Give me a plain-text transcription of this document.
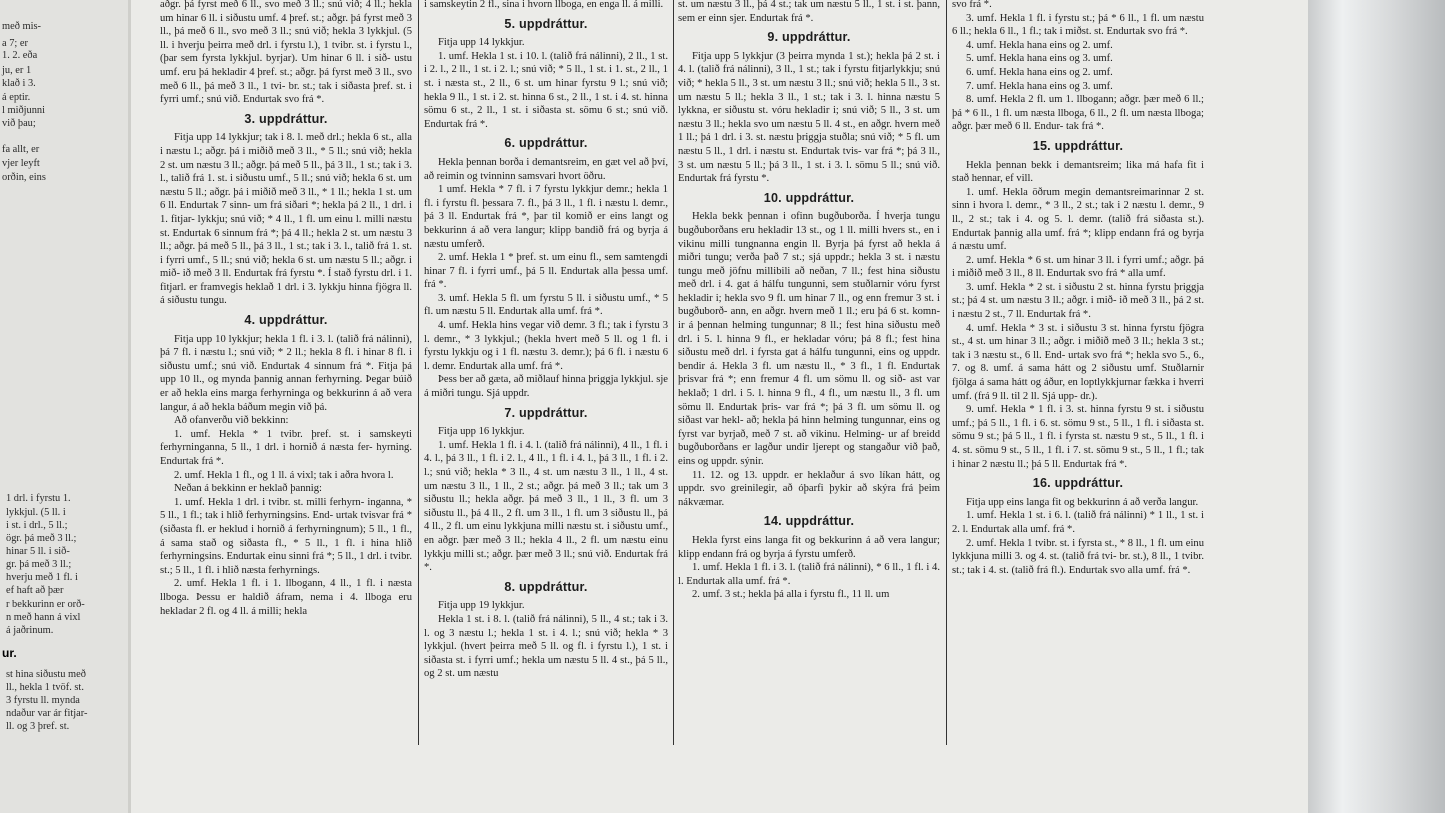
með mis-
a 7; er
1. 2. eða
ju, er 1
klað i 3.
á eptir.
l miðjunni
við þau;
fa allt, er
vjer leyft
orðin, eins
1 drl. i fyrstu 1.
lykkjul. (5 ll. i
i st. i drl., 5 ll.;
ögr. þá með 3 ll.;
hinar 5 ll. i sið-
gr. þá með 3 ll.;
hverju með 1 fl. i
ef haft að þær
r bekkurinn er orð-
n með hann á vixl
á jaðrinum.
ur.
st hina siðustu með
ll., hekla 1 tvöf. st.
3 fyrstu ll. mynda
ndaður var ár fitjar-
ll. og 3 þref. st.

aðgr. þá fyrst með 6 ll., svo með 3 ll.; snú við; 4 ll.; hekla um hinar 6 ll. i siðustu umf. 4 þref. st.; aðgr. þá fyrst með 3 ll., þá með 6 ll., svo með 3 ll.; snú við; hekla 3 lykkjul. (5 ll. i hverju þeirra með drl. i fyrstu l.), 1 tvibr. st. i fyrstu l., (þar sem fyrsta lykkjul. byrjar). Um hinar 6 ll. i sið- ustu umf. eru þá hekladir 4 þref. st.; aðgr. þá fyrst með 3 ll., svo með 6 ll., þá með 3 ll., 1 tvi- br. st.; tak i siðasta þref. st. i fyrri umf.; snú við. Endurtak svo frá *.

3. uppdráttur.

Fitja upp 14 lykkjur; tak i 8. l. með drl.; hekla 6 st., alla i næstu l.; aðgr. þá i miðið með 3 ll., * 5 ll.; snú við; hekla 2 st. um næstu 3 ll.; aðgr. þá með 5 ll., þá 3 ll., 1 st.; tak i 3. l., talið frá 1. st. i siðustu umf., 5 ll.; snú við; hekla 6 st. um næstu 5 ll.; aðgr. þá i miðið með 3 ll., * 1 ll.; hekla 1 st. um 6 ll. Endurtak 7 sinn- um frá siðari *; hekla þá 2 ll., 1 drl. i 1. fitjar- lykkju; snú við; * 4 ll., 1 fl. um einu l. milli næstu st. Endurtak 6 sinnum frá *; þá 4 ll.; hekla 2 st. um næstu 3 ll.; aðgr. þá með 5 ll., þá 3 ll., 1 st.; tak i 3. l., talið frá 1. st. i fyrri umf., 5 ll.; snú við; hekla 6 st. um næstu 5 ll.; aðgr. i mið- ið með 3 ll. Endurtak frá fyrstu *. Í stað fyrstu drl. i 1. fitjarl. er framvegis heklað 1 drl. i 3. lykkju hinna fjögra ll. á siðustu tungu.

4. uppdráttur.

Fitja upp 10 lykkjur; hekla 1 fl. i 3. l. (talið frá nálinni), þá 7 fl. i næstu l.; snú við; * 2 ll.; hekla 8 fl. i hinar 8 fl. i siðustu umf.; snú við. Endurtak 4 sinnum frá *. Fitja þá upp 10 ll., og mynda þannig annan ferhyrning. Þegar búið er að hekla eins marga ferhyrninga og bekkurinn á að vera langur, á að hekla báðum megin við þá.

Að ofanverðu við bekkinn:

1. umf. Hekla * 1 tvibr. þref. st. i samskeyti ferhyrninganna, 5 ll., 1 drl. i hornið á næsta fer- hyrning. Endurtak frá *.

2. umf. Hekla 1 fl., og 1 ll. á vixl; tak i aðra hvora l.

Neðan á bekkinn er heklað þannig:

1. umf. Hekla 1 drl. i tvibr. st. milli ferhyrn- inganna, * 5 ll., 1 fl.; tak i hlið ferhyrningsins. End- urtak tvisvar frá * (siðasta fl. er heklud i hornið á ferhyrningnum); 5 ll., 1 fl., á sama stað og siðasta fl., * 5 ll., 1 fl. i hina hlið ferhyrningsins. Endurtak einu sinni frá *; 5 ll., 1 drl. i tvibr. st.; 5 ll., 1 fl. i hlið næsta ferhyrnings.

2. umf. Hekla 1 fl. i 1. llbogann, 4 ll., 1 fl. i næsta llboga. Þessu er haldið áfram, nema i 4. llboga eru hekladar 2 fl. og 4 ll. á milli; hekla

i samskeytin 2 fl., sina i hvorn llboga, en enga ll. á milli.

5. uppdráttur.

Fitja upp 14 lykkjur.

1. umf. Hekla 1 st. i 10. l. (talið frá nálinni), 2 ll., 1 st. i 2. l., 2 ll., 1 st. i 2. l.; snú við; * 5 ll., 1 st. i 1. st., 2 ll., 1 st. i næsta st., 2 ll., 6 st. um hinar fyrstu 9 l.; snú við; hekla 9 ll., 1 st. i 2. st. hinna 6 st., 2 ll., 1 st. i 4. st. hinna sömu 6 st., 2 ll., 1 st. i siðasta st. sömu 6 st.; snú við. Endurtak frá *.

6. uppdráttur.

Hekla þennan borða i demantsreim, en gæt vel að því, að reimin og tvinninn samsvari hvort öðru.

1 umf. Hekla * 7 fl. i 7 fyrstu lykkjur demr.; hekla 1 fl. i fyrstu fl. þessara 7. fl., þá 3 ll., 1 fl. i næstu l. demr., þá 3 ll. Endurtak frá *, þar til komið er eins langt og bekkurinn á að vera langur; klipp bandið frá og byrja á næstu umferð.

2. umf. Hekla 1 * þref. st. um einu fl., sem samtengdi hinar 7 fl. i fyrri umf., þá 5 ll. Endurtak alla þessa umf. frá *.

3. umf. Hekla 5 fl. um fyrstu 5 ll. i siðustu umf., * 5 fl. um næstu 5 ll. Endurtak alla umf. frá *.

4. umf. Hekla hins vegar við demr. 3 fl.; tak i fyrstu 3 l. demr., * 3 lykkjul.; (hekla hvert með 5 ll. og 1 fl. i fyrstu lykkju og i 1 fl. næstu 3. demr.); þá 6 fl. i næstu 6 l. demr. Endurtak alla umf. frá *.

Þess ber að gæta, að miðlauf hinna þriggja lykkjul. sje á miðri tungu. Sjá uppdr.

7. uppdráttur.

Fitja upp 16 lykkjur.

1. umf. Hekla 1 fl. i 4. l. (talið frá nálinni), 4 ll., 1 fl. i 4. l., þá 3 ll., 1 fl. i 2. l., 4 ll., 1 fl. i 4. l., þá 3 ll., 1 fl. i 2. l.; snú við; hekla * 3 ll., 4 st. um næstu 3 ll., 1 ll., 4 st. um næstu 3 ll., 1 ll., 2 st.; aðgr. þá með 3 ll.; tak um 3 siðustu ll.; hekla aðgr. þá með 3 ll., 1 ll., 3 fl. um 3 siðustu ll., þá 4 ll., 2 fl. um 3 ll., 1 fl. um 3 siðustu ll., þá 4 ll., 2 fl. um einu lykkjuna milli næstu st. i siðustu umf., en aðgr. þær með 3 ll.; hekla 4 ll., 2 fl. um næstu einu lykkju milli st.; aðgr. þær með 3 ll.; snú við. Endurtak frá *.

8. uppdráttur.

Fitja upp 19 lykkjur.

Hekla 1 st. i 8. l. (talið frá nálinni), 5 ll., 4 st.; tak i 3. l. og 3 næstu l.; hekla 1 st. i 4. l.; snú við; hekla * 3 lykkjul. (hvert þeirra með 5 ll. og fl. i fyrstu l.), 1 st. i siðasta st. i fyrri umf.; hekla um næstu 5 ll. 4 st., þá 5 ll., og 2 st. um næstu

st. um næstu 3 ll., þá 4 st.; tak um næstu 5 ll., 1 st. i st. þann, sem er einn sjer. Endurtak frá *.

9. uppdráttur.

Fitja upp 5 lykkjur (3 þeirra mynda 1 st.); hekla þá 2 st. i 4. l. (talið frá nálinni), 3 ll., 1 st.; tak i fyrstu fitjarlykkju; snú við; * hekla 5 ll., 3 st. um næstu 3 ll.; snú við; hekla 5 ll., 3 st. um næstu 5 ll.; hekla 3 ll., 1 st.; tak i 3. l. hinna næstu 5 lykkna, er siðustu st. vóru hekladir i; snú við; 5 ll., 3 st. um næstu 3 ll.; hekla svo um næstu 5 ll. 4 st., en aðgr. hvern með 1 ll.; þá 1 drl. i 3. st. næstu þriggja stuðla; snú við; * 5 fl. um næstu 5 ll., 1 drl. i næstu st. Endurtak tvis- var frá *; þá 3 ll., 3 st. um næstu 5 ll.; þá 3 ll., 1 st. i 3. l. sömu 5 ll.; snú við. Endurtak frá fyrstu *.

10. uppdráttur.

Hekla bekk þennan i ofinn bugðuborða. Í hverja tungu bugðuborðans eru hekladir 13 st., og 1 ll. milli hvers st., en i vikinu milli tungnanna engin ll. Byrja þá fyrst að hekla á miðri tungu; verða það 7 st.; sjá uppdr.; hekla 3 st. i næstu tungu með jöfnu millibili að neðan, 7 ll.; fest hina siðustu með drl. i 4. gat á hálfu tungunni, sem stuðlarnir vóru fyrst hekladir i; hekla svo 9 fl. um hinar 7 ll., og enn fremur 3 st. i bugðuborð- ann, en aðgr. hvern með 1 ll.; eru þá 6 st. komn- ir á þennan helming tungunnar; 8 ll.; fest hina siðustu með drl. i 5. l. hinna 9 fl., er hekladar vóru; þá 8 fl.; fest hina siðustu með drl. i fyrsta gat á hálfu tungunni, eins og uppdr. bendir á. Hekla 3 fl. um næstu ll., * 3 fl., 1 fl. Endurtak þrisvar frá *; enn fremur 4 fl. um sömu ll. og sið- ast var heklað; 1 drl. i 5. l. hinna 9 fl., 4 fl., um næstu ll., 3 fl. um sömu ll. Endurtak þris- var frá *; þá 3 fl. um sömu ll. og siðast var hekl- að; hekla þá hinn helming tungunnar, eins og fyrst var byrjað, með 7 st. að vikinu. Helming- ur af breidd bugðuborðans er lagður undir ljerept og stangaður við það, eins og uppdr. sýnir.

11. 12. og 13. uppdr. er heklaður á svo líkan hátt, og uppdr. svo greinilegir, að óþarfi þykir að skýra frá þeim nákvæmar.

14. uppdráttur.

Hekla fyrst eins langa fit og bekkurinn á að vera langur; klipp endann frá og byrja á fyrstu umferð.

1. umf. Hekla 1 fl. i 3. l. (talið frá nálinni), * 6 ll., 1 fl. i 4. l. Endurtak alla umf. frá *.

2. umf. 3 st.; hekla þá alla i fyrstu fl., 11 ll. um

svo frá *.

3. umf. Hekla 1 fl. i fyrstu st.; þá * 6 ll., 1 fl. um næstu 6 ll.; hekla 6 ll., 1 fl.; tak i miðst. st. Endurtak svo frá *.

4. umf. Hekla hana eins og 2. umf.

5. umf. Hekla hana eins og 3. umf.

6. umf. Hekla hana eins og 2. umf.

7. umf. Hekla hana eins og 3. umf.

8. umf. Hekla 2 fl. um 1. llbogann; aðgr. þær með 6 ll.; þá * 6 ll., 1 fl. um næsta llboga, 6 ll., 2 fl. um næsta llboga; aðgr. þær með 6 ll. Endur- tak frá *.

15. uppdráttur.

Hekla þennan bekk i demantsreim; lika má hafa fit i stað hennar, ef vill.

1. umf. Hekla öðrum megin demantsreimarinnar 2 st. sinn i hvora l. demr., * 3 ll., 2 st.; tak i 2 næstu l. demr., 9 ll., 2 st.; tak i 4. og 5. l. demr. (talið frá siðasta st.). Endurtak þannig alla umf. frá *; klipp endann frá og byrja á næstu umf.

2. umf. Hekla * 6 st. um hinar 3 ll. i fyrri umf.; aðgr. þá i miðið með 3 ll., 8 ll. Endurtak svo frá * alla umf.

3. umf. Hekla * 2 st. i siðustu 2 st. hinna fyrstu þriggja st.; þá 4 st. um næstu 3 ll.; aðgr. i mið- ið með 3 ll., þá 2 st. i næstu 2 st., 7 ll. Endurtak frá *.

4. umf. Hekla * 3 st. i siðustu 3 st. hinna fyrstu fjögra st., 4 st. um hinar 3 ll.; aðgr. i miðið með 3 ll.; hekla 3 st.; tak i 3 næstu st., 6 ll. End- urtak svo frá *; hekla svo 5., 6., 7. og 8. umf. á sama hátt og 2 siðustu umf. Stuðlarnir fjölga á sama hátt og áður, en loptlykkjurnar fækka i hverri umf. (frá 9 ll. til 2 ll. Sjá upp- dr.).

9. umf. Hekla * 1 fl. i 3. st. hinna fyrstu 9 st. i siðustu umf.; þá 5 ll., 1 fl. i 6. st. sömu 9 st., 5 ll., 1 fl. i siðasta st. sömu 9 st.; þá 5 ll., 1 fl. i fyrsta st. næstu 9 st., 5 ll., 1 fl. i 4. st. sömu 9 st., 5 ll., 1 fl. i 7. st. sömu 9 st., 5 ll., 1 fl.; tak i hinar 2 næstu ll.; þá 5 ll. Endurtak frá *.

16. uppdráttur.

Fitja upp eins langa fit og bekkurinn á að verða langur.

1. umf. Hekla 1 st. i 6. l. (talið frá nálinni) * 1 ll., 1 st. i 2. l. Endurtak alla umf. frá *.

2. umf. Hekla 1 tvibr. st. i fyrsta st., * 8 ll., 1 fl. um einu lykkjuna milli 3. og 4. st. (talið frá tvi- br. st.), 8 ll., 1 tvibr. st.; tak i 4. st. (talið frá fl.). Endurtak svo alla umf. frá *.
